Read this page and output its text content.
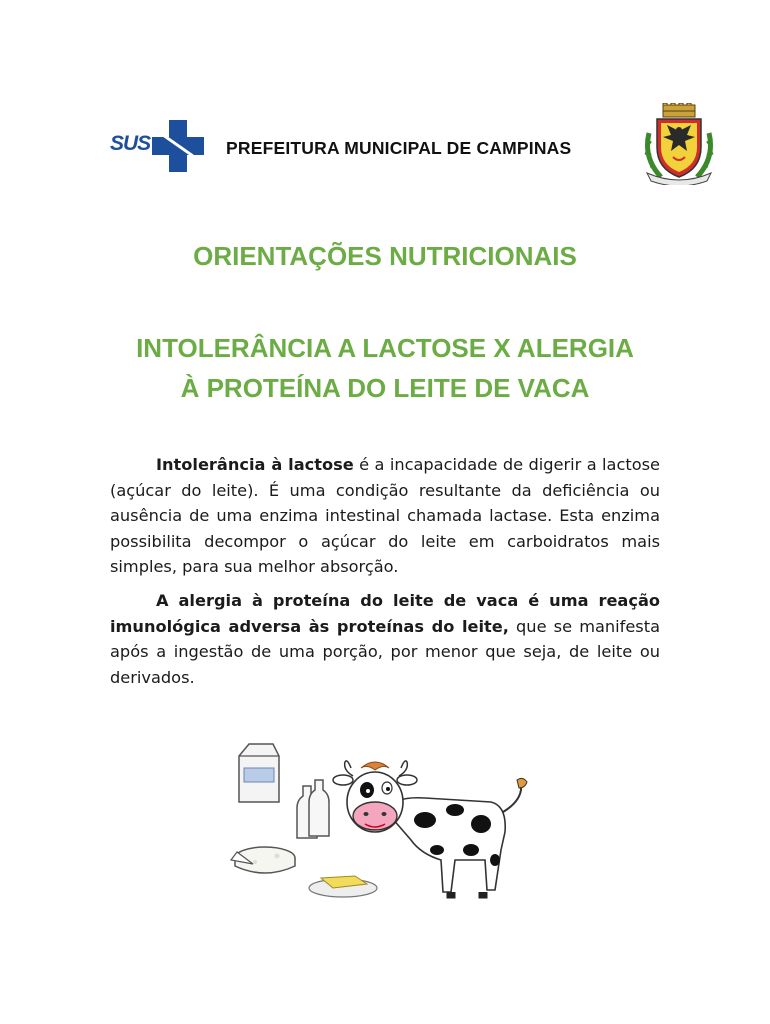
SUS	PREFEITURA MUNICIPAL DE CAMPINAS
ORIENTAÇÕES NUTRICIONAIS
INTOLERÂNCIA A LACTOSE X ALERGIA
À PROTEÍNA DO LEITE DE VACA
Intolerância à lactose é a incapacidade de digerir a lactose (açúcar do leite). É uma condição resultante da deficiência ou ausência de uma enzima intestinal chamada lactase. Esta enzima possibilita decompor o açúcar do leite em carboidratos mais simples, para sua melhor absorção.
A alergia à proteína do leite de vaca é uma reação imunológica adversa às proteínas do leite, que se manifesta após a ingestão de uma porção, por menor que seja, de leite ou derivados.
